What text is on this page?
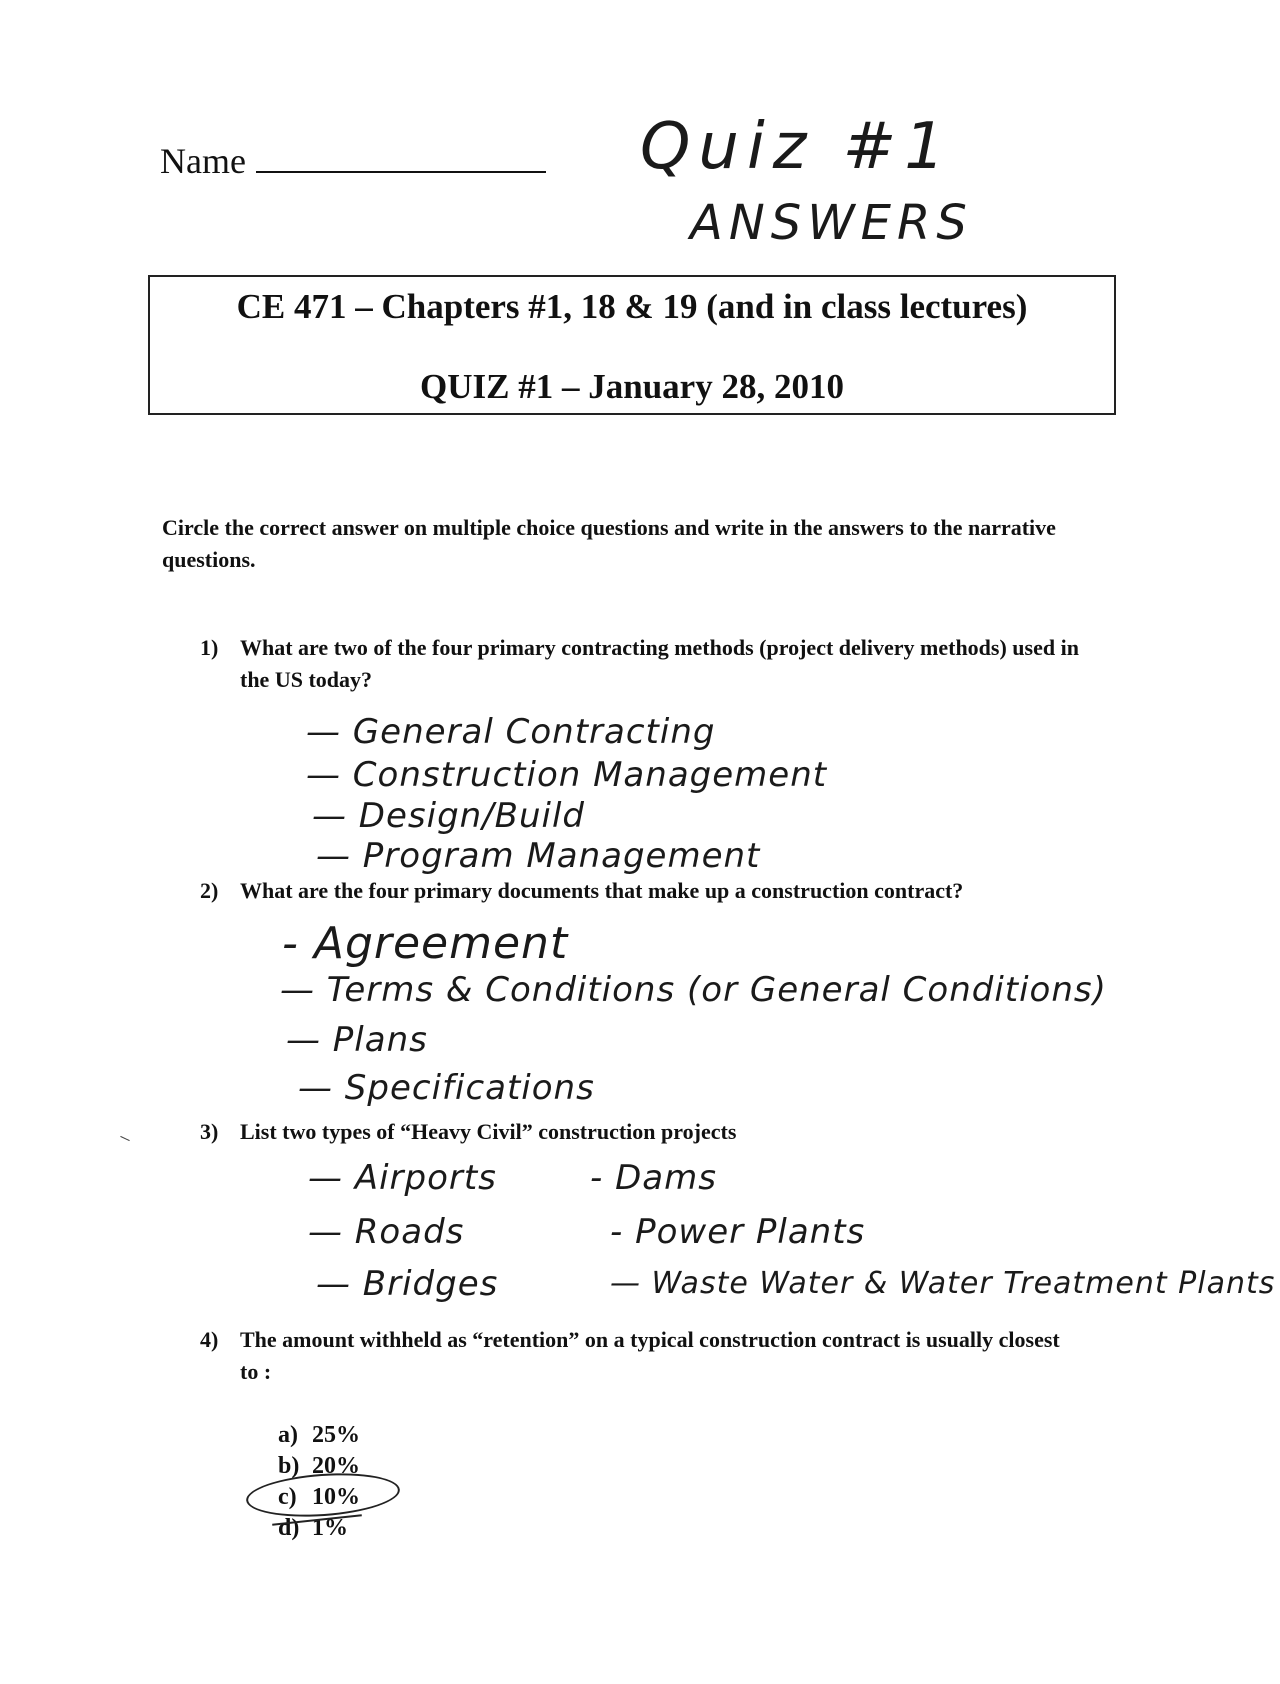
Name	Quiz #1
ANSWERS
CE 471 – Chapters #1, 18 & 19 (and in class lectures)
QUIZ #1 – January 28, 2010
Circle the correct answer on multiple choice questions and write in the answers to the narrative questions.
1) What are two of the four primary contracting methods (project delivery methods) used in the US today?
— General Contracting
— Construction Management
— Design/Build
— Program Management
2) What are the four primary documents that make up a construction contract?
- Agreement
— Terms & Conditions (or General Conditions)
— Plans
— Specifications
3) List two types of “Heavy Civil” construction projects
— Airports
— Roads
— Bridges
- Dams
- Power Plants
— Waste Water & Water Treatment Plants
4) The amount withheld as “retention” on a typical construction contract is usually closest to :
a) 25%
b) 20%
c) 10%
d) 1%
